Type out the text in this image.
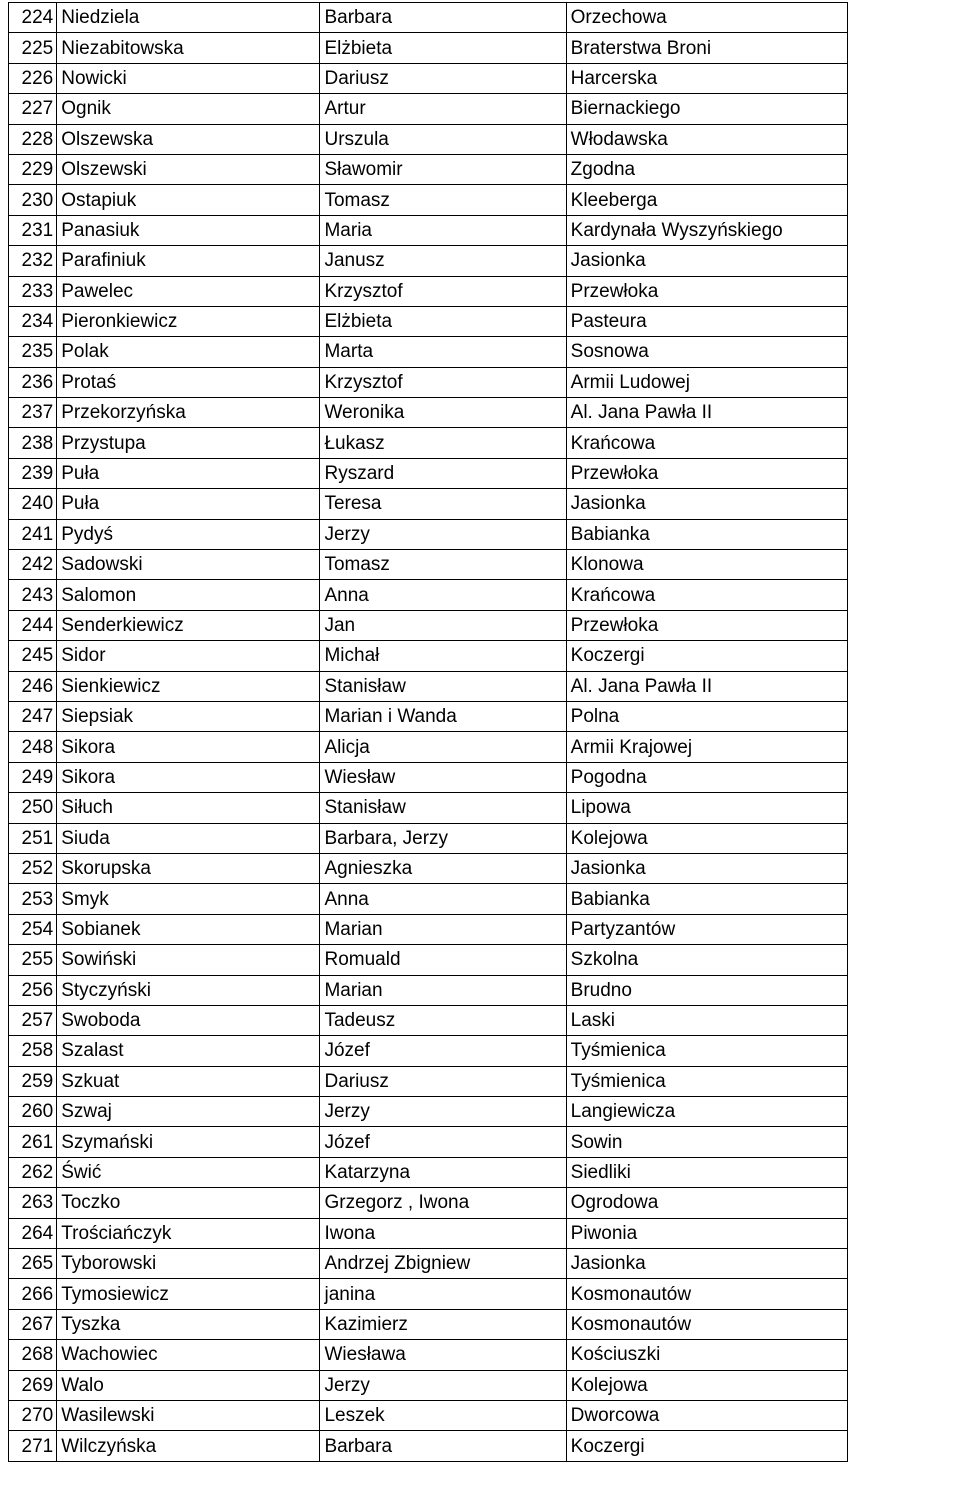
224	Niedziela	Barbara	Orzechowa
225	Niezabitowska	Elżbieta	Braterstwa Broni
226	Nowicki	Dariusz	Harcerska
227	Ognik	Artur	Biernackiego
228	Olszewska	Urszula	Włodawska
229	Olszewski	Sławomir	Zgodna
230	Ostapiuk	Tomasz	Kleeberga
231	Panasiuk	Maria	Kardynała Wyszyńskiego
232	Parafiniuk	Janusz	Jasionka
233	Pawelec	Krzysztof	Przewłoka
234	Pieronkiewicz	Elżbieta	Pasteura
235	Polak	Marta	Sosnowa
236	Protaś	Krzysztof	Armii Ludowej
237	Przekorzyńska	Weronika	Al. Jana Pawła II
238	Przystupa	Łukasz	Krańcowa
239	Puła	Ryszard	Przewłoka
240	Puła	Teresa	Jasionka
241	Pydyś	Jerzy	Babianka
242	Sadowski	Tomasz	Klonowa
243	Salomon	Anna	Krańcowa
244	Senderkiewicz	Jan	Przewłoka
245	Sidor	Michał	Koczergi
246	Sienkiewicz	Stanisław	Al. Jana Pawła II
247	Siepsiak	Marian i Wanda	Polna
248	Sikora	Alicja	Armii Krajowej
249	Sikora	Wiesław	Pogodna
250	Siłuch	Stanisław	Lipowa
251	Siuda	Barbara, Jerzy	Kolejowa
252	Skorupska	Agnieszka	Jasionka
253	Smyk	Anna	Babianka
254	Sobianek	Marian	Partyzantów
255	Sowiński	Romuald	Szkolna
256	Styczyński	Marian	Brudno
257	Swoboda	Tadeusz	Laski
258	Szalast	Józef	Tyśmienica
259	Szkuat	Dariusz	Tyśmienica
260	Szwaj	Jerzy	Langiewicza
261	Szymański	Józef	Sowin
262	Świć	Katarzyna	Siedliki
263	Toczko	Grzegorz , Iwona	Ogrodowa
264	Trościańczyk	Iwona	Piwonia
265	Tyborowski	Andrzej Zbigniew	Jasionka
266	Tymosiewicz	janina	Kosmonautów
267	Tyszka	Kazimierz	Kosmonautów
268	Wachowiec	Wiesława	Kościuszki
269	Walo	Jerzy	Kolejowa
270	Wasilewski	Leszek	Dworcowa
271	Wilczyńska	Barbara	Koczergi
